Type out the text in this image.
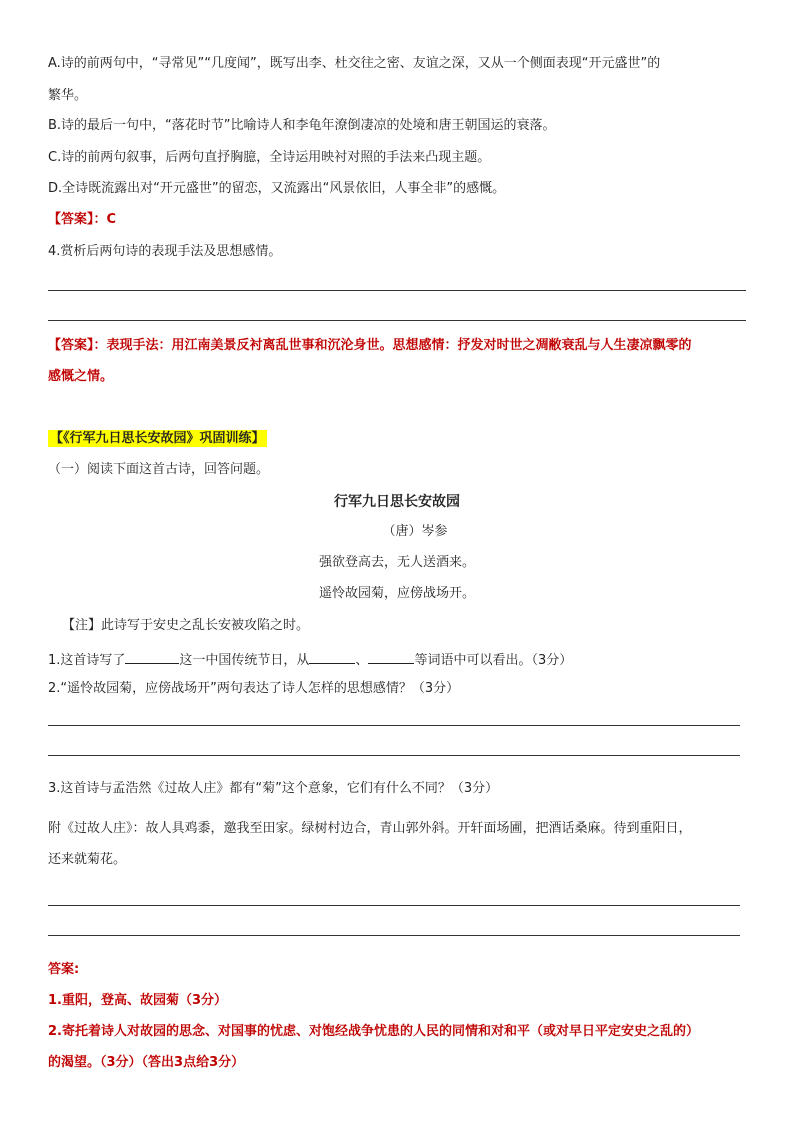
A.诗的前两句中，“寻常见”“几度闻”，既写出李、杜交往之密、友谊之深，又从一个侧面表现“开元盛世”的
繁华。
B.诗的最后一句中，“落花时节”比喻诗人和李龟年潦倒凄凉的处境和唐王朝国运的衰落。
C.诗的前两句叙事，后两句直抒胸臆，全诗运用映衬对照的手法来凸现主题。
D.全诗既流露出对“开元盛世”的留恋，又流露出“风景依旧，人事全非”的感慨。
【答案】：C
4.赏析后两句诗的表现手法及思想感情。
【答案】：表现手法：用江南美景反衬离乱世事和沉沦身世。思想感情：抒发对时世之凋敝衰乱与人生凄凉飘零的
感慨之情。
【《行军九日思长安故园》巩固训练】
（一）阅读下面这首古诗，回答问题。
行军九日思长安故园
（唐）岑参
强欲登高去，无人送酒来。
遥怜故园菊，应傍战场开。
【注】此诗写于安史之乱长安被攻陷之时。
1.这首诗写了	这一中国传统节日，从	、	等词语中可以看出。（3分）
2.“遥怜故园菊，应傍战场开”两句表达了诗人怎样的思想感情？（3分）
3.这首诗与孟浩然《过故人庄》都有“菊”这个意象，它们有什么不同？（3分）
附《过故人庄》：故人具鸡黍，邀我至田家。绿树村边合，青山郭外斜。开轩面场圃，把酒话桑麻。待到重阳日，
还来就菊花。
答案:
1.重阳，登高、故园菊（3分）
2.寄托着诗人对故园的思念、对国事的忧虑、对饱经战争忧患的人民的同情和对和平（或对早日平定安史之乱的）
的渴望。（3分）（答出3点给3分）
